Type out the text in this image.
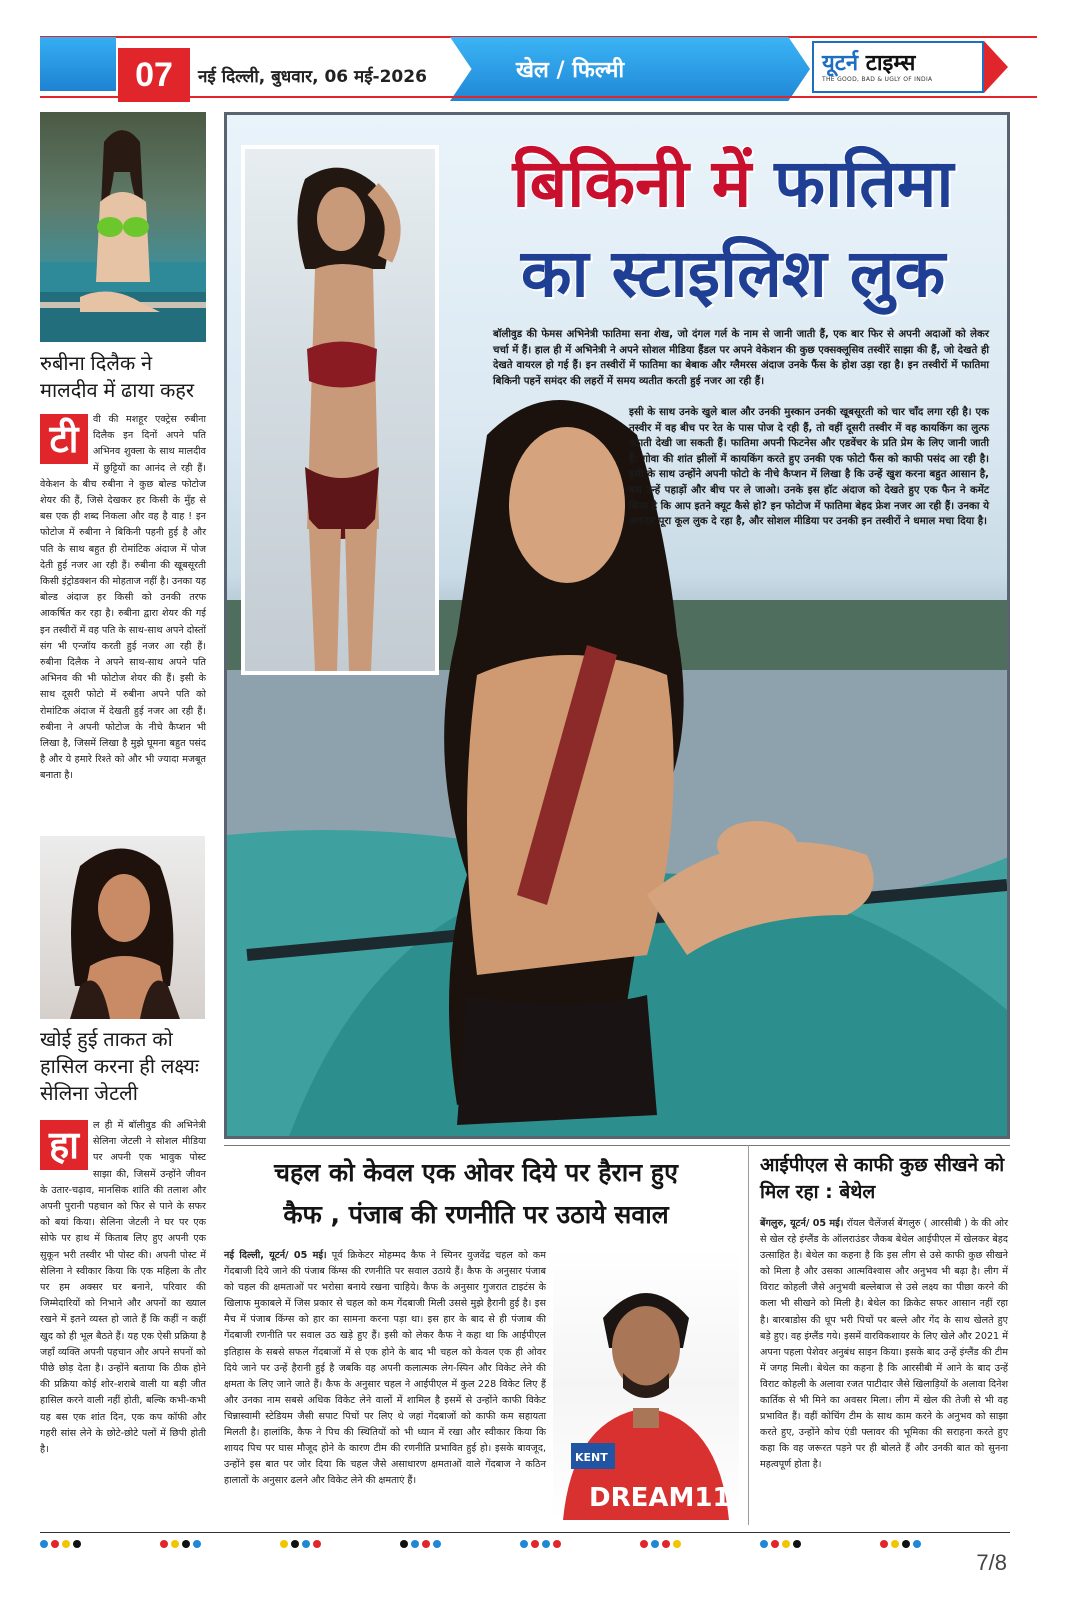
07	नई दिल्ली, बुधवार, 06 मई-2026	खेल / फिल्मी	यूटर्न टाइम्स
THE GOOD, BAD & UGLY OF INDIA
रुबीना दिलैक ने मालदीव में ढाया कहर
टी	वी की मशहूर एक्ट्रेस रुबीना दिलैक इन दिनों अपने पति अभिनव शुक्ला के साथ मालदीव में छुट्टियों का आनंद ले रही हैं। वेकेशन के बीच रुबीना ने कुछ बोल्ड फोटोज शेयर की हैं, जिसे देखकर हर किसी के मुँह से बस एक ही शब्द निकला और वह है वाह ! इन फोटोज में रुबीना ने बिकिनी पहनी हुई है और पति के साथ बहुत ही रोमांटिक अंदाज में पोज देती हुई नजर आ रही हैं। रुबीना की खूबसूरती किसी इंट्रोडक्शन की मोहताज नहीं है। उनका यह बोल्ड अंदाज हर किसी को उनकी तरफ आकर्षित कर रहा है। रुबीना द्वारा शेयर की गई इन तस्वीरों में वह पति के साथ-साथ अपने दोस्तों संग भी एन्जॉय करती हुई नजर आ रही हैं। रुबीना दिलैक ने अपने साथ-साथ अपने पति अभिनव की भी फोटोज शेयर की हैं। इसी के साथ दूसरी फोटो में रुबीना अपने पति को रोमांटिक अंदाज में देखती हुई नजर आ रही हैं। रुबीना ने अपनी फोटोज के नीचे कैप्शन भी लिखा है, जिसमें लिखा है मुझे घूमना बहुत पसंद है और ये हमारे रिश्ते को और भी ज्यादा मजबूत बनाता है।
खोई हुई ताकत को हासिल करना ही लक्ष्यः सेलिना जेटली
हा	ल ही में बॉलीवुड की अभिनेत्री सेलिना जेटली ने सोशल मीडिया पर अपनी एक भावुक पोस्ट साझा की, जिसमें उन्होंने जीवन के उतार-चढ़ाव, मानसिक शांति की तलाश और अपनी पुरानी पहचान को फिर से पाने के सफर को बयां किया। सेलिना जेटली ने घर पर एक सोफे पर हाथ में किताब लिए हुए अपनी एक सुकून भरी तस्वीर भी पोस्ट की। अपनी पोस्ट में सेलिना ने स्वीकार किया कि एक महिला के तौर पर हम अक्सर घर बनाने, परिवार की जिम्मेदारियों को निभाने और अपनों का ख्याल रखने में इतने व्यस्त हो जाते हैं कि कहीं न कहीं खुद को ही भूल बैठते हैं। यह एक ऐसी प्रक्रिया है जहाँ व्यक्ति अपनी पहचान और अपने सपनों को पीछे छोड़ देता है। उन्होंने बताया कि ठीक होने की प्रक्रिया कोई शोर-शराबे वाली या बड़ी जीत हासिल करने वाली नहीं होती, बल्कि कभी-कभी यह बस एक शांत दिन, एक कप कॉफी और गहरी सांस लेने के छोटे-छोटे पलों में छिपी होती है।
बिकिनी में फातिमा
का स्टाइलिश लुक
बॉलीवुड की फेमस अभिनेत्री फातिमा सना शेख, जो दंगल गर्ल के नाम से जानी जाती हैं, एक बार फिर से अपनी अदाओं को लेकर चर्चा में हैं। हाल ही में अभिनेत्री ने अपने सोशल मीडिया हैंडल पर अपने वेकेशन की कुछ एक्सक्लूसिव तस्वीरें साझा की हैं, जो देखते ही देखते वायरल हो गई हैं। इन तस्वीरों में फातिमा का बेबाक और ग्लैमरस अंदाज उनके फैंस के होश उड़ा रहा है। इन तस्वीरों में फातिमा बिकिनी पहनें समंदर की लहरों में समय व्यतीत करती हुई नजर आ रही हैं।
इसी के साथ उनके खुले बाल और उनकी मुस्कान उनकी खूबसूरती को चार चाँद लगा रही है। एक तस्वीर में वह बीच पर रेत के पास पोज दे रही हैं, तो वहीं दूसरी तस्वीर में वह कायकिंग का लुत्फ उठाती देखी जा सकती हैं। फातिमा अपनी फिटनेस और एडवेंचर के प्रति प्रेम के लिए जानी जाती हैं। गोवा की शांत झीलों में कायकिंग करते हुए उनकी एक फोटो फैंस को काफी पसंद आ रही है। इसी के साथ उन्होंने अपनी फोटो के नीचे कैप्शन में लिखा है कि उन्हें खुश करना बहुत आसान है, बस उन्हें पहाड़ों और बीच पर ले जाओ। उनके इस हॉट अंदाज को देखते हुए एक फैन ने कमेंट किया है कि आप इतने क्यूट कैसे हो? इन फोटोज में फातिमा बेहद फ्रेश नजर आ रही हैं। उनका ये अवतार पूरा कूल लुक दे रहा है, और सोशल मीडिया पर उनकी इन तस्वीरों ने धमाल मचा दिया है।
चहल को केवल एक ओवर दिये पर हैरान हुए
कैफ , पंजाब की रणनीति पर उठाये सवाल
नई दिल्ली, यूटर्न/ 05 मई। पूर्व क्रिकेटर मोहम्मद कैफ ने स्पिनर युजवेंद्र चहल को कम गेंदबाजी दिये जाने की पंजाब किंग्स की रणनीति पर सवाल उठाये हैं। कैफ के अनुसार पंजाब को चहल की क्षमताओं पर भरोसा बनाये रखना चाहिये। कैफ के अनुसार गुजरात टाइटंस के खिलाफ मुकाबले में जिस प्रकार से चहल को कम गेंदबाजी मिली उससे मुझे हैरानी हुई है। इस मैच में पंजाब किंग्स को हार का सामना करना पड़ा था। इस हार के बाद से ही पंजाब की गेंदबाजी रणनीति पर सवाल उठ खड़े हुए हैं। इसी को लेकर कैफ ने कहा था कि आईपीएल इतिहास के सबसे सफल गेंदबाजों में से एक होने के बाद भी चहल को केवल एक ही ओवर दिये जाने पर उन्हें हैरानी हुई है जबकि वह अपनी कलात्मक लेग-स्पिन और विकेट लेने की क्षमता के लिए जाने जाते हैं। कैफ के अनुसार चहल ने आईपीएल में कुल 228 विकेट लिए हैं और उनका नाम सबसे अधिक विकेट लेने वालों में शामिल है इसमें से उन्होंने काफी विकेट चिन्नास्वामी स्टेडियम जैसी सपाट पिचों पर लिए थे जहां गेंदबाजों को काफी कम सहायता मिलती है। हालांकि, कैफ ने पिच की स्थितियों को भी ध्यान में रखा और स्वीकार किया कि शायद पिच पर घास मौजूद होने के कारण टीम की रणनीति प्रभावित हुई हो। इसके बावजूद, उन्होंने इस बात पर जोर दिया कि चहल जैसे असाधारण क्षमताओं वाले गेंदबाज ने कठिन हालातों के अनुसार ढलने और विकेट लेने की क्षमताएं हैं।
KENT
DREAM11
आईपीएल से काफी कुछ सीखने को मिल रहा : बेथेल
बेंगलुरु, यूटर्न/ 05 मई। रॉयल चैलेंजर्स बेंगलुरु ( आरसीबी ) के की ओर से खेल रहे इंग्लैंड के ऑलराउंडर जैकब बेथेल आईपीएल में खेलकर बेहद उत्साहित है। बेथेल का कहना है कि इस लीग से उसे काफी कुछ सीखने को मिला है और उसका आत्मविश्वास और अनुभव भी बढ़ा है। लीग में विराट कोहली जैसे अनुभवी बल्लेबाज से उसे लक्ष्य का पीछा करने की कला भी सीखने को मिली है। बेथेल का क्रिकेट सफर आसान नहीं रहा है। बारबाडोस की धूप भरी पिचों पर बल्ले और गेंद के साथ खेलते हुए बड़े हुए। वह इंग्लैंड गये। इसमें वारविकशायर के लिए खेले और 2021 में अपना पहला पेशेवर अनुबंध साइन किया। इसके बाद उन्हें इंग्लैंड की टीम में जगह मिली। बेथेल का कहना है कि आरसीबी में आने के बाद उन्हें विराट कोहली के अलावा रजत पाटीदार जैसे खिलाड़ियों के अलावा दिनेश कार्तिक से भी मिने का अवसर मिला। लीग में खेल की तेजी से भी वह प्रभावित हैं। वहीं कोचिंग टीम के साथ काम करने के अनुभव को साझा करते हुए, उन्होंने कोच एंडी फ्लावर की भूमिका की सराहना करते हुए कहा कि वह जरूरत पड़ने पर ही बोलते हैं और उनकी बात को सुनना महत्वपूर्ण होता है।
7/8
